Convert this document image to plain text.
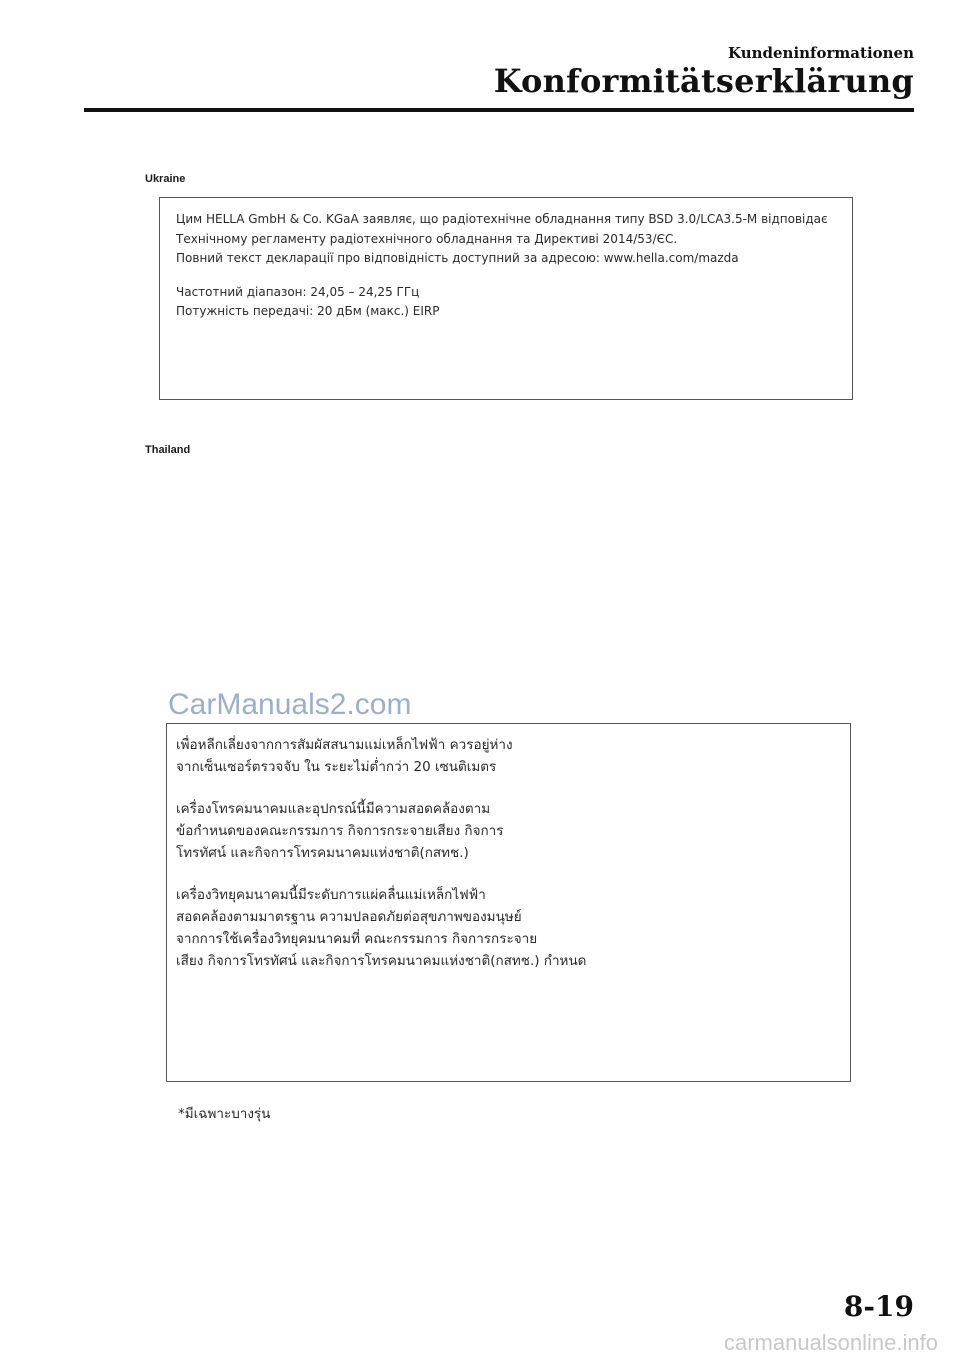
Kundeninformationen
Konformitätserklärung
Ukraine

Цим HELLA GmbH & Co. KGaA заявляє, що радіотехнічне обладнання типу BSD 3.0/LCA3.5-M відповідає

Технічному регламенту радіотехнічного обладнання та Директиві 2014/53/ЄС.

Повний текст декларації про відповідність доступний за адресою: www.hella.com/mazda

Частотний діапазон: 24,05 – 24,25 ГГц

Потужність передачі: 20 дБм (макс.) EIRP

Thailand
CarManuals2.com

เพื่อหลีกเลี่ยงจากการสัมผัสสนามแม่เหล็กไฟฟ้า ควรอยู่ห่าง

จากเซ็นเซอร์ตรวจจับ ใน ระยะไม่ต่ำกว่า 20 เซนติเมตร

เครื่องโทรคมนาคมและอุปกรณ์นี้มีความสอดคล้องตาม

ข้อกำหนดของคณะกรรมการ กิจการกระจายเสียง กิจการ

โทรทัศน์ และกิจการโทรคมนาคมแห่งชาติ(กสทช.)

เครื่องวิทยุคมนาคมนี้มีระดับการแผ่คลื่นแม่เหล็กไฟฟ้า

สอดคล้องตามมาตรฐาน ความปลอดภัยต่อสุขภาพของมนุษย์

จากการใช้เครื่องวิทยุคมนาคมที่ คณะกรรมการ กิจการกระจาย

เสียง กิจการโทรทัศน์ และกิจการโทรคมนาคมแห่งชาติ(กสทช.) กำหนด

*มีเฉพาะบางรุ่น
8-19
carmanualsonline.info
